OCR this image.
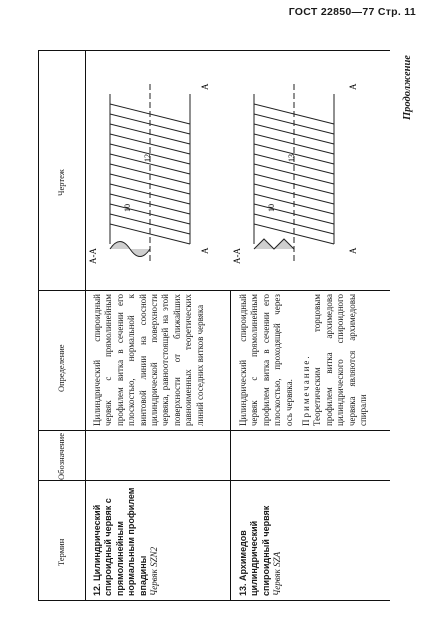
ГОСТ 22850—77 Стр. 11
Продолжение
Термин
Обозначение
Определение
Чертеж
12. Цилиндрический спироидный червяк с прямолинейным нормальным профилем впадины Червяк SZN2

Цилиндрический спироидный червяк с прямолинейным профилем витка в сечении его плоскостью, нормальной к винтовой линии на соосной цилиндрической поверхности червяка, равноотстоящей на этой поверхности от ближайших равноименных теоретических линий соседних витков червяка

А-А
10
12
А
А
13. Архимедов цилиндрический спироидный червяк Червяк SZA

Цилиндрический спироидный червяк с прямолинейным профилем витка в сечении его плоскостью, проходящей через ось червяка. Примечание. Теоретическим торцовым профилем витка архимедова цилиндрического спироидного червяка являются архимедовы спирали

А-А
10
13
А
А
